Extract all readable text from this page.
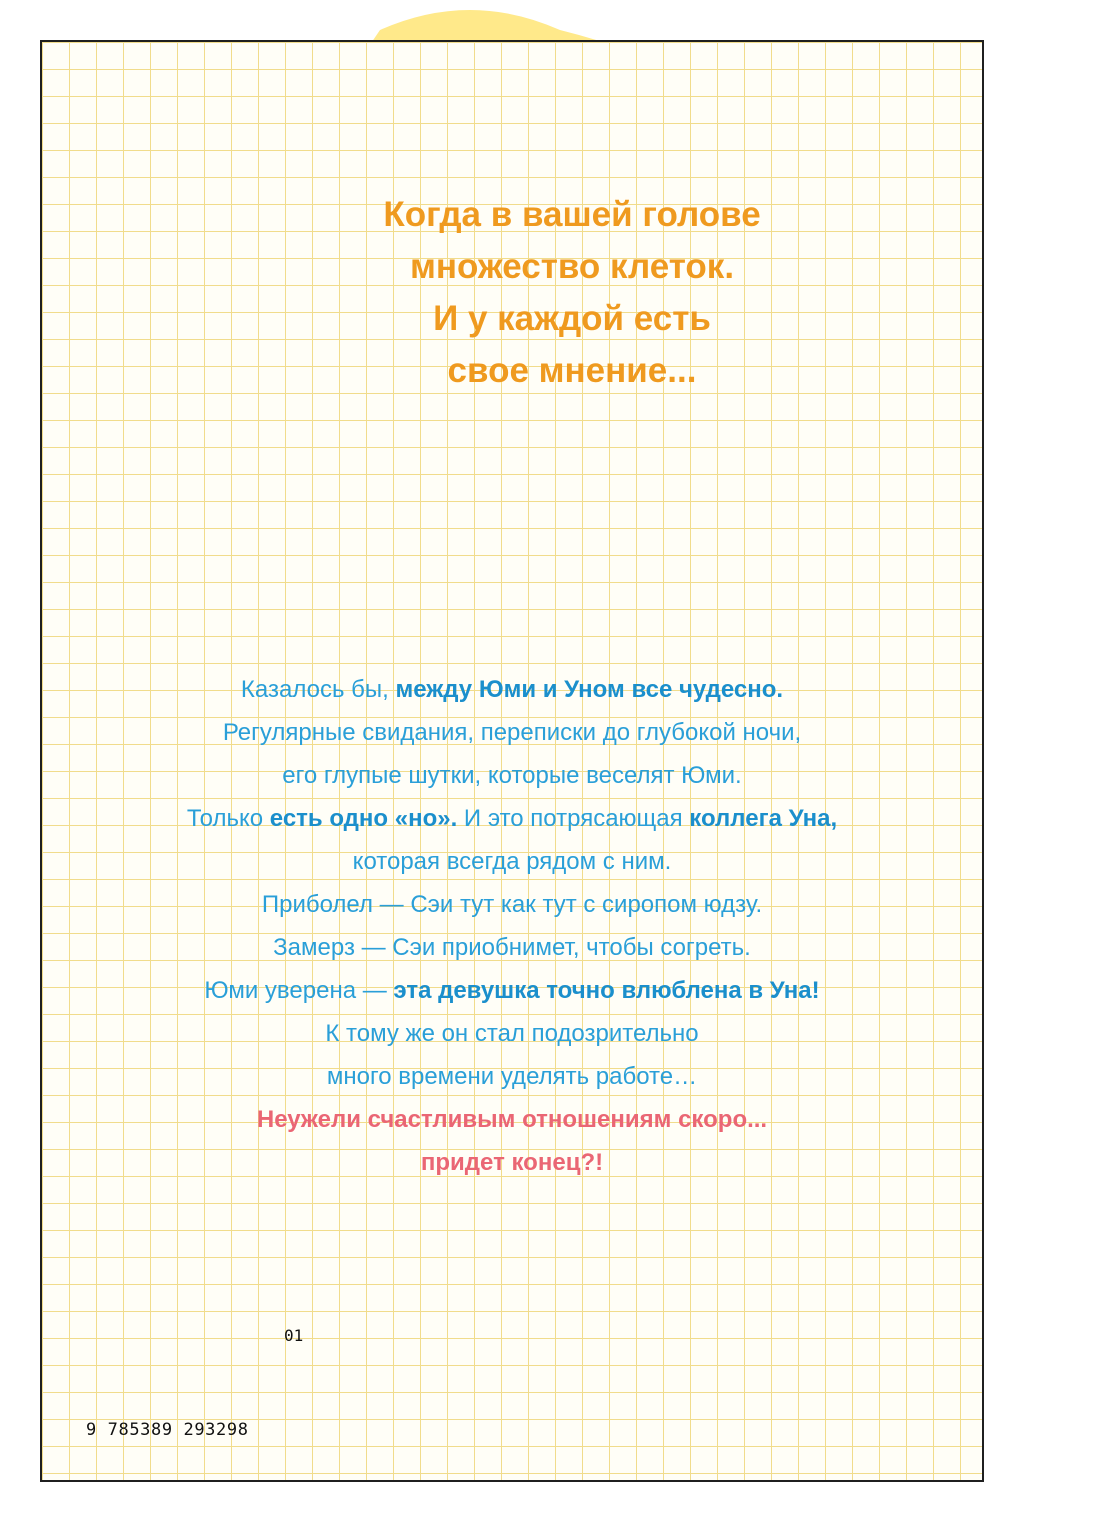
Когда в вашей голове
множество клеток.
И у каждой есть
свое мнение...
Казалось бы, между Юми и Уном все чудесно.
Регулярные свидания, переписки до глубокой ночи,
его глупые шутки, которые веселят Юми.
Только есть одно «но». И это потрясающая коллега Уна,
которая всегда рядом с ним.
Приболел — Сэи тут как тут с сиропом юдзу.
Замерз — Сэи приобнимет, чтобы согреть.
Юми уверена — эта девушка точно влюблена в Уна!
К тому же он стал подозрительно
много времени уделять работе…
Неужели счастливым отношениям скоро...
придет конец?!
01
9 785389 293298
